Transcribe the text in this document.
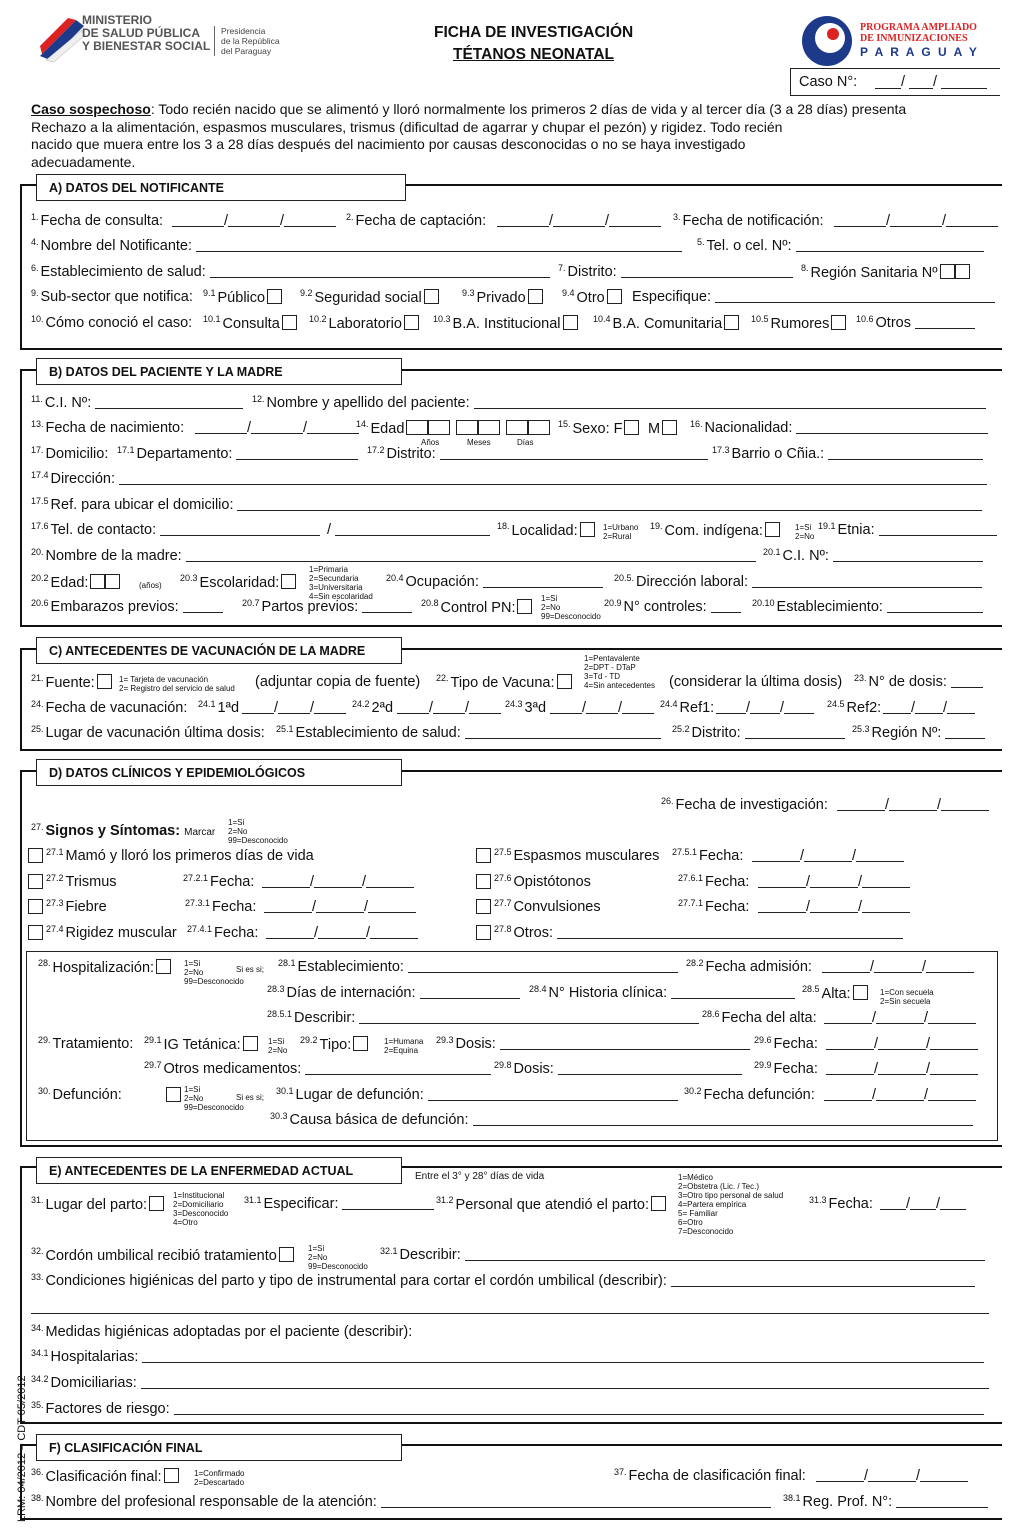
MINISTERIO
DE SALUD PÚBLICA
Y BIENESTAR SOCIAL
Presidencia
de la República
del Paraguay
FICHA DE INVESTIGACIÓN
TÉTANOS NEONATAL
PROGRAMA AMPLIADO
DE INMUNIZACIONES
P A R A G U A Y
Caso N°:	/ /
Caso sospechoso : Todo recién nacido que se alimentó y lloró normalmente los primeros 2 días de vida y al tercer día (3 a 28 días) presenta
Rechazo a la alimentación, espasmos musculares, trismus (dificultad de agarrar y chupar el pezón) y rigidez. Todo recién
nacido que muera entre los 3 a 28 días después del nacimiento por causas desconocidas o no se haya investigado
adecuadamente.
A) DATOS DEL NOTIFICANTE
B) DATOS DEL PACIENTE Y LA MADRE
C) ANTECEDENTES DE VACUNACIÓN DE LA MADRE
D) DATOS CLÍNICOS Y EPIDEMIOLÓGICOS
E) ANTECEDENTES DE LA ENFERMEDAD ACTUAL
F) CLASIFICACIÓN FINAL
$^{1.}$ Fecha de consulta:	/	/	$^{2.}$ Fecha de captación:	/	/	$^{3.}$ Fecha de notificación:	/	/
$^{4.}$ Nombre del Notificante:	$^{5.}$ Tel. o cel. Nº:
$^{6.}$ Establecimiento de salud:	$^{7.}$ Distrito:	$^{8.}$ Región Sanitaria Nº
$^{9.}$ Sub-sector que notifica: $^{9.1}$ Público	$^{9.2}$ Seguridad social	$^{9.3}$ Privado	$^{9.4}$ Otro	Especifique:
$^{10.}$ Cómo conoció el caso: $^{10.1}$ Consulta	$^{10.2}$ Laboratorio	$^{10.3}$ B.A. Institucional	$^{10.4}$ B.A. Comunitaria	$^{10.5}$ Rumores	$^{10.6}$ Otros
$^{11.}$ C.I. Nº:	$^{12.}$ Nombre y apellido del paciente:
$^{13.}$ Fecha de nacimiento:	/	/	$^{14.}$ Edad	$^{15.}$ Sexo: F	M	$^{16.}$ Nacionalidad:
$^{17.}$ Domicilio: $^{17.1}$ Departamento:	$^{17.2}$ Distrito:	$^{17.3}$ Barrio o Cñia.:
$^{17.4}$ Dirección:
$^{17.5}$ Ref. para ubicar el domicilio:
$^{17.6}$ Tel. de contacto:	/	$^{18.}$ Localidad:	$^{19.}$ Com. indígena:	$^{19.1}$ Etnia:
$^{20.}$ Nombre de la madre:	$^{20.1}$ C.I. Nº:
$^{20.2}$ Edad:	$^{20.3}$ Escolaridad:	$^{20.4}$ Ocupación:	$^{20.5.}$ Dirección laboral:
$^{20.6}$ Embarazos previos:	$^{20.7}$ Partos previos:	$^{20.8}$ Control PN:	$^{20.9}$ N° controles:	$^{20.10}$ Establecimiento:
$^{21.}$ Fuente:	(adjuntar copia de fuente) $^{22.}$ Tipo de Vacuna:	(considerar la última dosis) $^{23.}$ N° de dosis:
$^{24.}$ Fecha de vacunación: $^{24.1}$ 1ªd	/ /	$^{24.2}$ 2ªd	/ /	$^{24.3}$ 3ªd	/ /	$^{24.4}$ Ref1:	/ /	$^{24.5}$ Ref2:	/ /
$^{25.}$ Lugar de vacunación última dosis: $^{25.1}$ Establecimiento de salud:	$^{25.2}$ Distrito:	$^{25.3}$ Región Nº:
$^{26.}$ Fecha de investigación:	/	/
$^{27.1}$ Mamó y lloró los primeros días de vida	$^{27.5}$ Espasmos musculares $^{27.5.1}$ Fecha:	/	/
$^{27.2}$ Trismus	$^{27.2.1}$ Fecha:	/	/	$^{27.6}$ Opistótonos	$^{27.6.1}$ Fecha:	/	/
$^{27.3}$ Fiebre	$^{27.3.1}$ Fecha:	/	/	$^{27.7}$ Convulsiones	$^{27.7.1}$ Fecha:	/	/
$^{27.4}$ Rigidez muscular $^{27.4.1}$ Fecha:	/	/	$^{27.8}$ Otros:
$^{28.}$ Hospitalización:	$^{28.1}$ Establecimiento:	$^{28.2}$ Fecha admisión:	/	/
$^{28.3}$ Días de internación:	$^{28.4}$ N° Historia clínica:	$^{28.5}$ Alta:
$^{28.5.1}$ Describir:	$^{28.6}$ Fecha del alta:	/	/
$^{29.}$ Tratamiento: $^{29.1}$ IG Tetánica:	$^{29.2}$ Tipo:	$^{29.3}$ Dosis:	$^{29.6}$ Fecha:	/	/
$^{29.7}$ Otros medicamentos:	$^{29.8}$ Dosis:	$^{29.9}$ Fecha:	/	/
$^{30.}$ Defunción:	$^{30.1}$ Lugar de defunción:	$^{30.2}$ Fecha defunción:	/	/
$^{30.3}$ Causa básica de defunción:
$^{31.}$ Lugar del parto:	$^{31.1}$ Especificar:	$^{31.2}$ Personal que atendió el parto:	$^{31.3}$ Fecha:	/ /
$^{32.}$ Cordón umbilical recibió tratamiento	$^{32.1}$ Describir:
$^{33.}$ Condiciones higiénicas del parto y tipo de instrumental para cortar el cordón umbilical (describir):
$^{34.}$ Medidas higiénicas adoptadas por el paciente (describir):
$^{34.1}$ Hospitalarias:
$^{34.2}$ Domiciliarias:
$^{35.}$ Factores de riesgo:
$^{36.}$ Clasificación final:	$^{37.}$ Fecha de clasificación final:	/	/
$^{38.}$ Nombre del profesional responsable de la atención:	$^{38.1}$ Reg. Prof. N°:
$^{27.}$ Signos y Síntomas: Marcar
Años	Meses	Días
1=Urbano
2=Rural
1=Si
2=No
1=Primaria
2=Secundaria
3=Universitaria
4=Sin escolaridad
(años)
1=Si
2=No
99=Desconocido
1= Tarjeta de vacunación
2= Registro del servicio de salud
1=Pentavalente
2=DPT - DTaP
3=Td - TD
4=Sin antecedentes
1=Si
2=No
99=Desconocido
1=Si
2=No
99=Desconocido
Si es si;
1=Con secuela
2=Sin secuela
1=Si
2=No
1=Humana
2=Equina
1=Si
2=No
99=Desconocido
Si es si;
Entre el 3° y 28° días de vida
1=Institucional
2=Domiciliario
3=Desconocido
4=Otro
1=Médico
2=Obstetra (Lic. / Tec.)
3=Otro tipo personal de salud
4=Partera empírica
5= Familiar
6=Otro
7=Desconocido
1=Si
2=No
99=Desconocido
1=Confirmado
2=Descartado
LRM: 04/2012 – CDT 05/2012
